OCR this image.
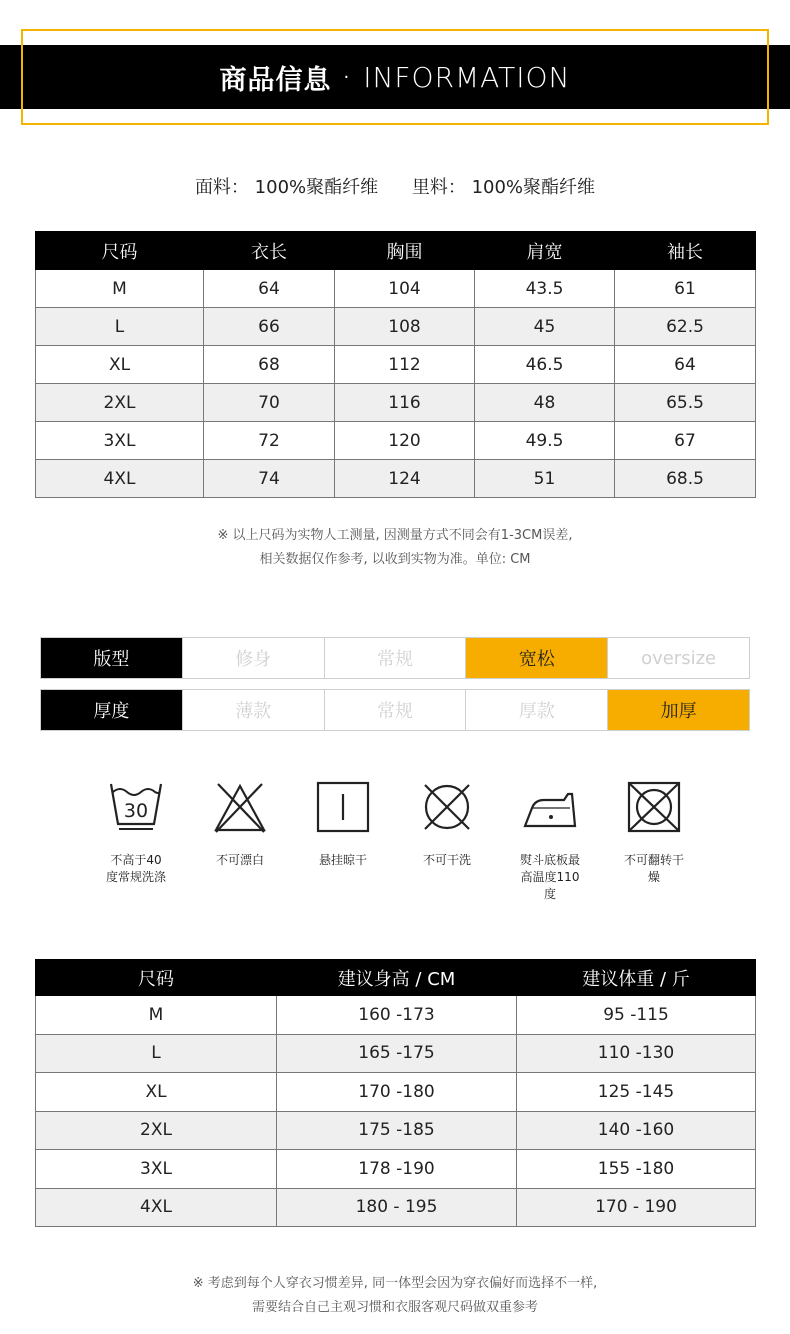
商品信息 · INFORMATION
面料： 100%聚酯纤维 里料： 100%聚酯纤维
尺码	衣长	胸围	肩宽	袖长
M	64	104	43.5	61
L	66	108	45	62.5
XL	68	112	46.5	64
2XL	70	116	48	65.5
3XL	72	120	49.5	67
4XL	74	124	51	68.5
※ 以上尺码为实物人工测量, 因测量方式不同会有1-3CM误差,
相关数据仅作参考, 以收到实物为准。单位: CM
版型	修身	常规	宽松	oversize
厚度	薄款	常规	厚款	加厚
30
不高于40
度常规洗涤
不可漂白	悬挂晾干	不可干洗	熨斗底板最
高温度110
度
不可翻转干
燥
尺码	建议身高 / CM	建议体重 / 斤
M	160 -173	95 -115
L	165 -175	110 -130
XL	170 -180	125 -145
2XL	175 -185	140 -160
3XL	178 -190	155 -180
4XL	180 - 195	170 - 190
※ 考虑到每个人穿衣习惯差异, 同一体型会因为穿衣偏好而选择不一样,
需要结合自己主观习惯和衣服客观尺码做双重参考
